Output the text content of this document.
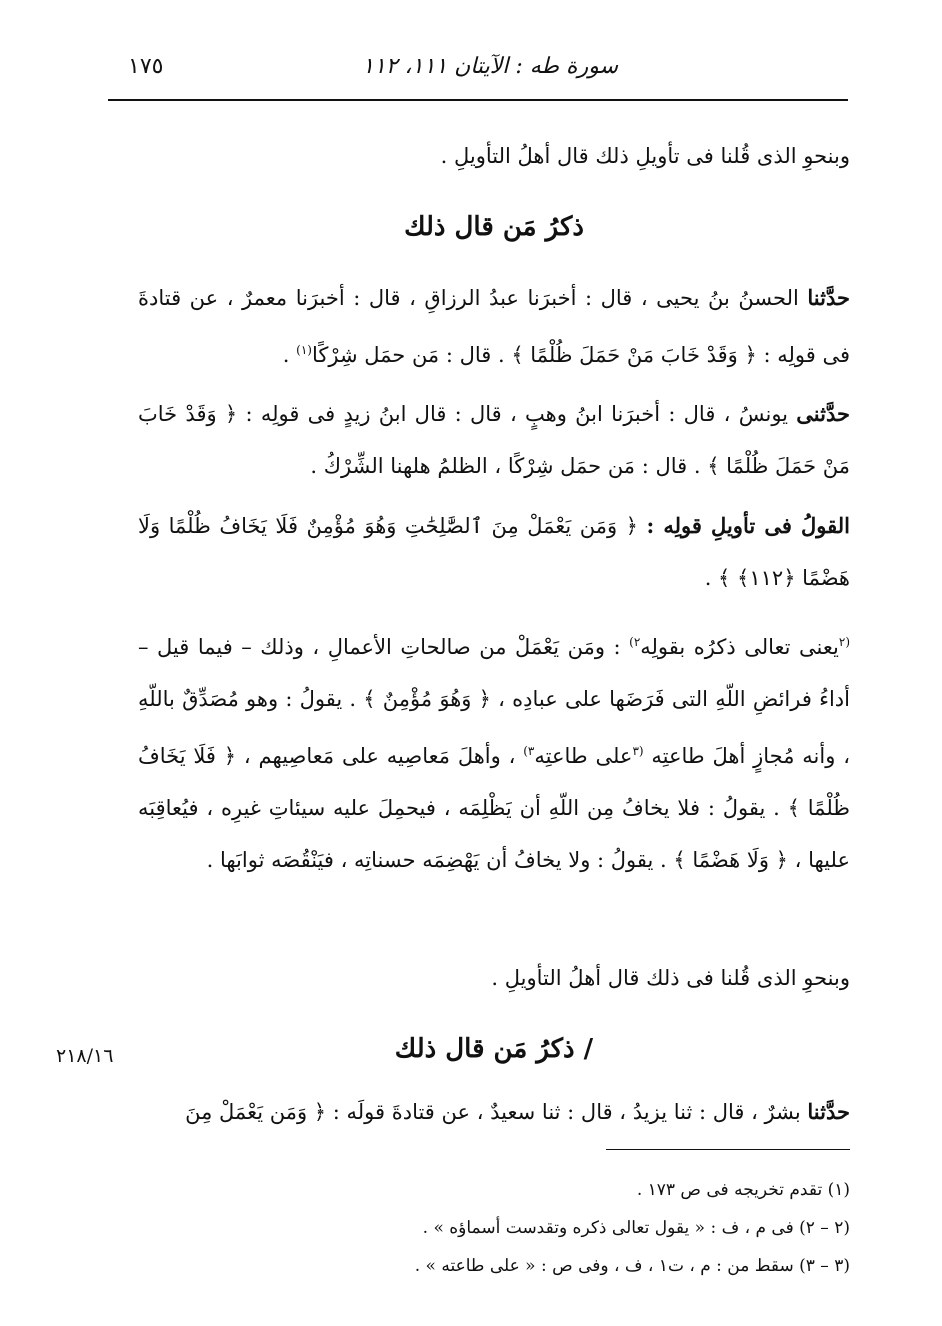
١٧٥	سورة طه : الآيتان ١١١، ١١٢
وبنحوِ الذى قُلنا فى تأويلِ ذلك قال أهلُ التأويلِ .
ذكرُ مَن قال ذلك
حدَّثنا الحسنُ بنُ يحيى ، قال : أخبرَنا عبدُ الرزاقِ ، قال : أخبرَنا معمرٌ ، عن قتادةَ فى قولِه : ﴿ وَقَدْ خَابَ مَنْ حَمَلَ ظُلْمًا ﴾ . قال : مَن حمَل شِرْكًا$^{(١)}$ .
حدَّثنى يونسُ ، قال : أخبرَنا ابنُ وهبٍ ، قال : قال ابنُ زيدٍ فى قولِه : ﴿ وَقَدْ خَابَ مَنْ حَمَلَ ظُلْمًا ﴾ . قال : مَن حمَل شِرْكًا ، الظلمُ هلهنا الشِّرْكُ .
القولُ فى تأويلِ قولِه : ﴿ وَمَن يَعْمَلْ مِنَ ٱلصَّٰلِحَٰتِ وَهُوَ مُؤْمِنٌ فَلَا يَخَافُ ظُلْمًا وَلَا هَضْمًا ﴿١١٢﴾ ﴾ .
$^{(٢}$يعنى تعالى ذكرُه بقولِه$^{٢)}$ : ومَن يَعْمَلْ من صالحاتِ الأعمالِ ، وذلك – فيما قيل – أداءُ فرائضِ اللّهِ التى فَرَضَها على عبادِه ، ﴿ وَهُوَ مُؤْمِنٌ ﴾ . يقولُ : وهو مُصَدِّقٌ باللّهِ ، وأنه مُجازٍ أهلَ طاعتِه $^{(٣}$على طاعتِه$^{٣)}$ ، وأهلَ مَعاصِيه على مَعاصِيهم ، ﴿ فَلَا يَخَافُ ظُلْمًا ﴾ . يقولُ : فلا يخافُ مِن اللّهِ أن يَظْلِمَه ، فيحمِلَ عليه سيئاتِ غيرِه ، فيُعاقِبَه عليها ، ﴿ وَلَا هَضْمًا ﴾ . يقولُ : ولا يخافُ أن يَهْضِمَه حسناتِه ، فيَنْقُصَه ثوابَها .
وبنحوِ الذى قُلنا فى ذلك قال أهلُ التأويلِ .
/ ذكرُ مَن قال ذلك
٢١٨/١٦
حدَّثنا بشرٌ ، قال : ثنا يزيدُ ، قال : ثنا سعيدٌ ، عن قتادةَ قولَه : ﴿ وَمَن يَعْمَلْ مِنَ
(١) تقدم تخريجه فى ص ١٧٣ .
(٢ – ٢) فى م ، ف : « يقول تعالى ذكره وتقدست أسماؤه » .
(٣ – ٣) سقط من : م ، ت١ ، ف ، وفى ص : « على طاعته » .
